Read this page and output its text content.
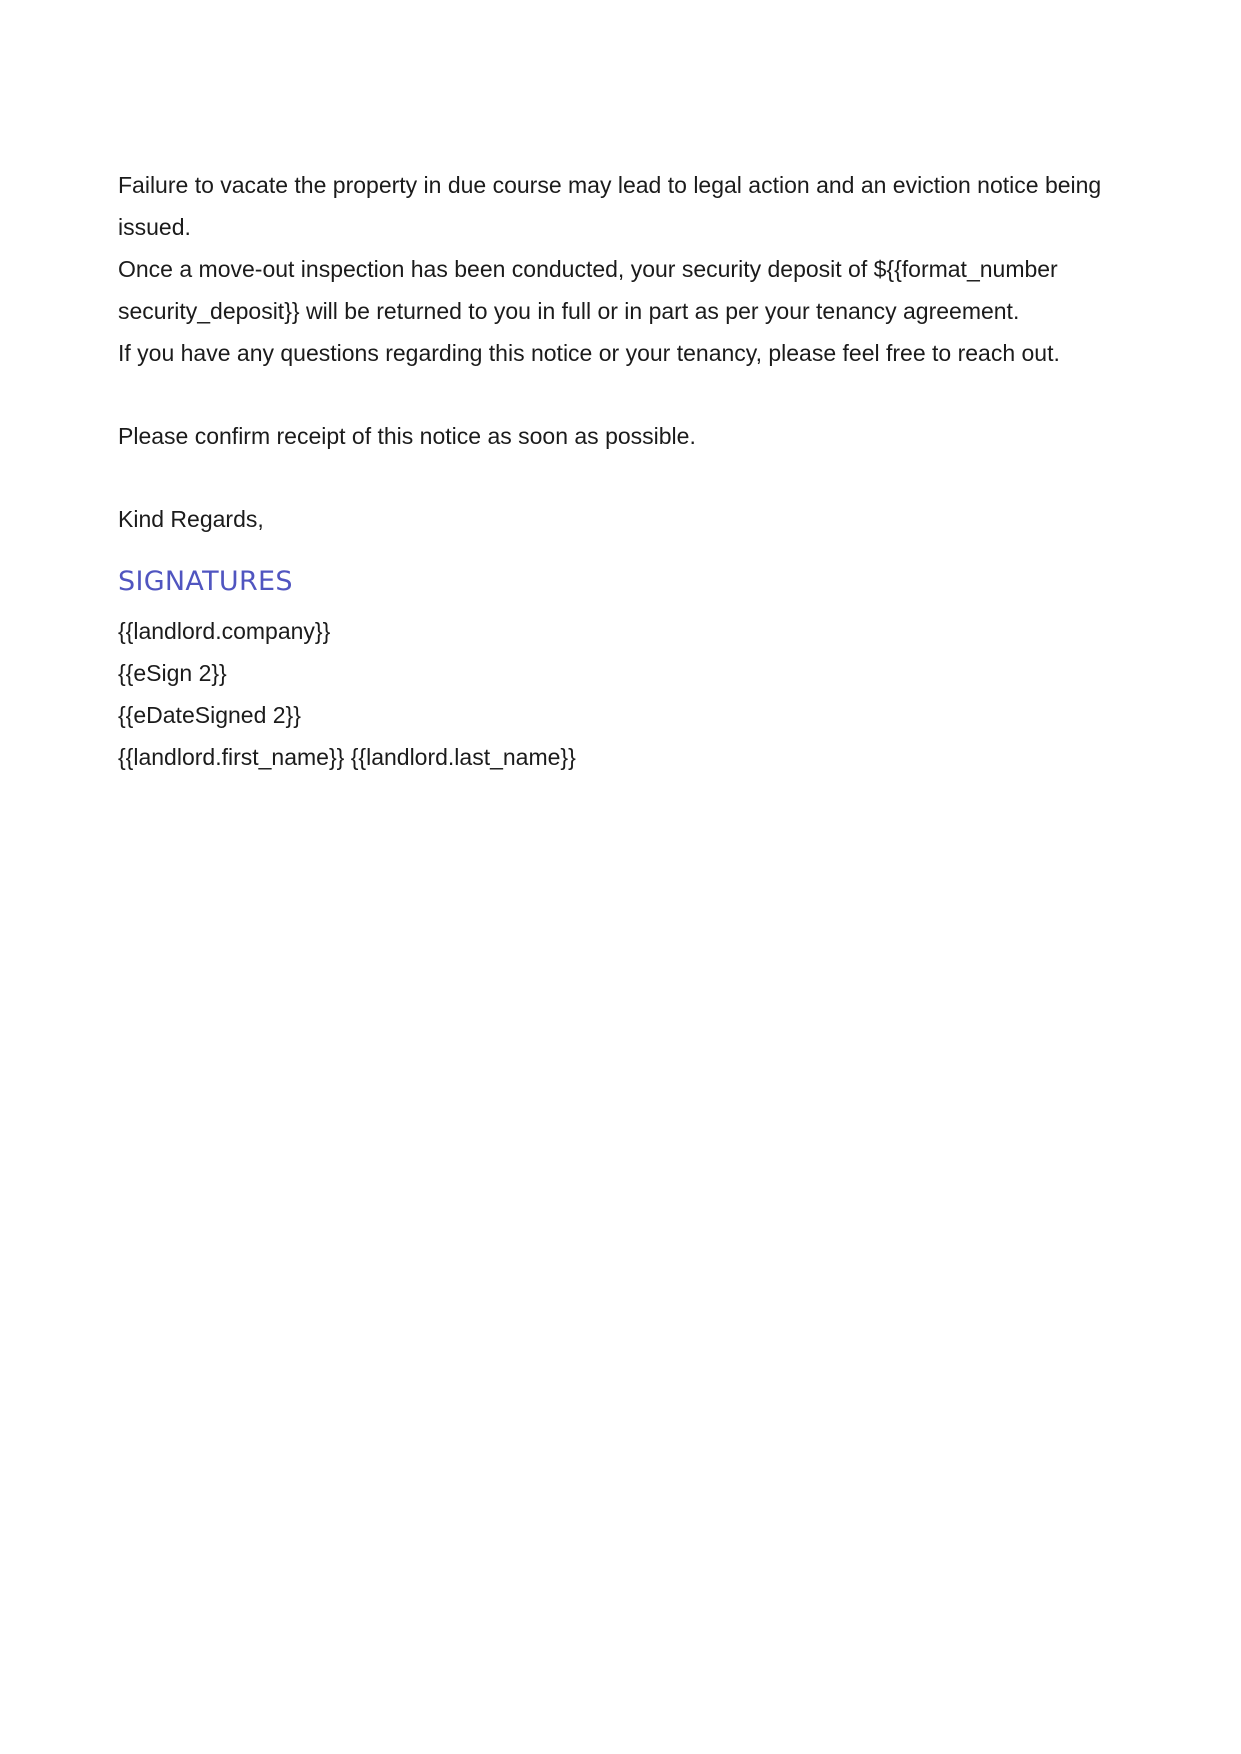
Failure to vacate the property in due course may lead to legal action and an eviction notice being issued.

Once a move-out inspection has been conducted, your security deposit of ${{format_number security_deposit}} will be returned to you in full or in part as per your tenancy agreement.

If you have any questions regarding this notice or your tenancy, please feel free to reach out.

Please confirm receipt of this notice as soon as possible.

Kind Regards,

SIGNATURES

{{landlord.company}}

{{eSign 2}}

{{eDateSigned 2}}

{{landlord.first_name}} {{landlord.last_name}}
